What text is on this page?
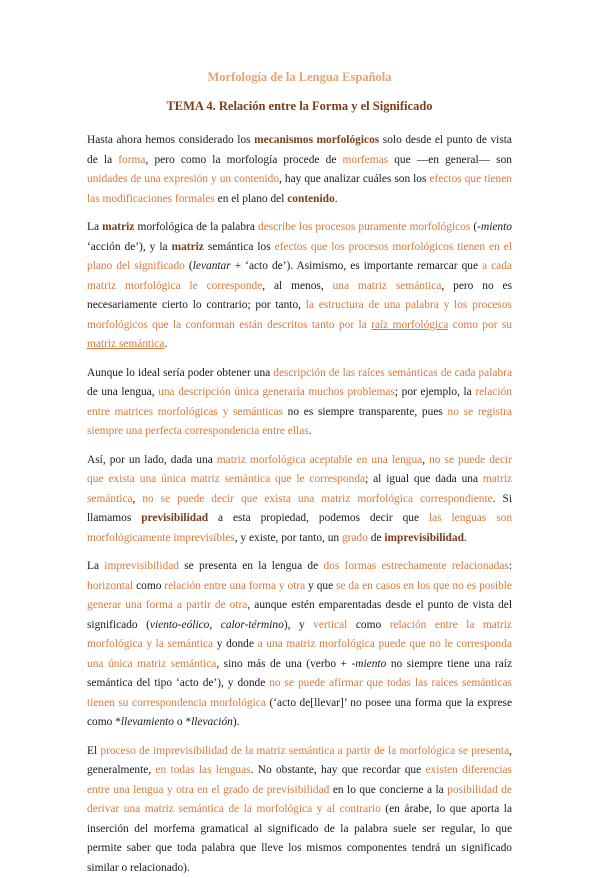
Morfología de la Lengua Española
TEMA 4. Relación entre la Forma y el Significado

Hasta ahora hemos considerado los mecanismos morfológicos solo desde el punto de vista de la forma, pero como la morfología procede de morfemas que —en general— son unidades de una expresión y un contenido, hay que analizar cuáles son los efectos que tienen las modificaciones formales en el plano del contenido.

La matriz morfológica de la palabra describe los procesos puramente morfológicos (-miento ‘acción de’), y la matriz semántica los efectos que los procesos morfológicos tienen en el plano del significado (levantar + ‘acto de’). Asimismo, es importante remarcar que a cada matriz morfológica le corresponde, al menos, una matriz semántica, pero no es necesariamente cierto lo contrario; por tanto, la estructura de una palabra y los procesos morfológicos que la conforman están descritos tanto por la raíz morfológica como por su matriz semántica.

Aunque lo ideal sería poder obtener una descripción de las raíces semánticas de cada palabra de una lengua, una descripción única generaría muchos problemas; por ejemplo, la relación entre matrices morfológicas y semánticas no es siempre transparente, pues no se registra siempre una perfecta correspondencia entre ellas.

Así, por un lado, dada una matriz morfológica aceptable en una lengua, no se puede decir que exista una única matriz semántica que le corresponda; al igual que dada una matriz semántica, no se puede decir que exista una matriz morfológica correspondiente. Si llamamos previsibilidad a esta propiedad, podemos decir que las lenguas son morfológicamente imprevisibles, y existe, por tanto, un grado de imprevisibilidad.

La imprevisibilidad se presenta en la lengua de dos formas estrechamente relacionadas: horizontal como relación entre una forma y otra y que se da en casos en los que no es posible generar una forma a partir de otra, aunque estén emparentadas desde el punto de vista del significado (viento-eólico, calor-término), y vertical como relación entre la matriz morfológica y la semántica y donde a una matriz morfológica puede que no le corresponda una única matriz semántica, sino más de una (verbo + -miento no siempre tiene una raíz semántica del tipo ‘acto de’), y donde no se puede afirmar que todas las raíces semánticas tienen su correspondencia morfológica (‘acto de[llevar]’ no posee una forma que la exprese como *llevamiento o *llevación).

El proceso de imprevisibilidad de la matriz semántica a partir de la morfológica se presenta, generalmente, en todas las lenguas. No obstante, hay que recordar que existen diferencias entre una lengua y otra en el grado de previsibilidad en lo que concierne a la posibilidad de derivar una matriz semántica de la morfológica y al contrario (en árabe, lo que aporta la inserción del morfema gramatical al significado de la palabra suele ser regular, lo que permite saber que toda palabra que lleve los mismos componentes tendrá un significado similar o relacionado).
